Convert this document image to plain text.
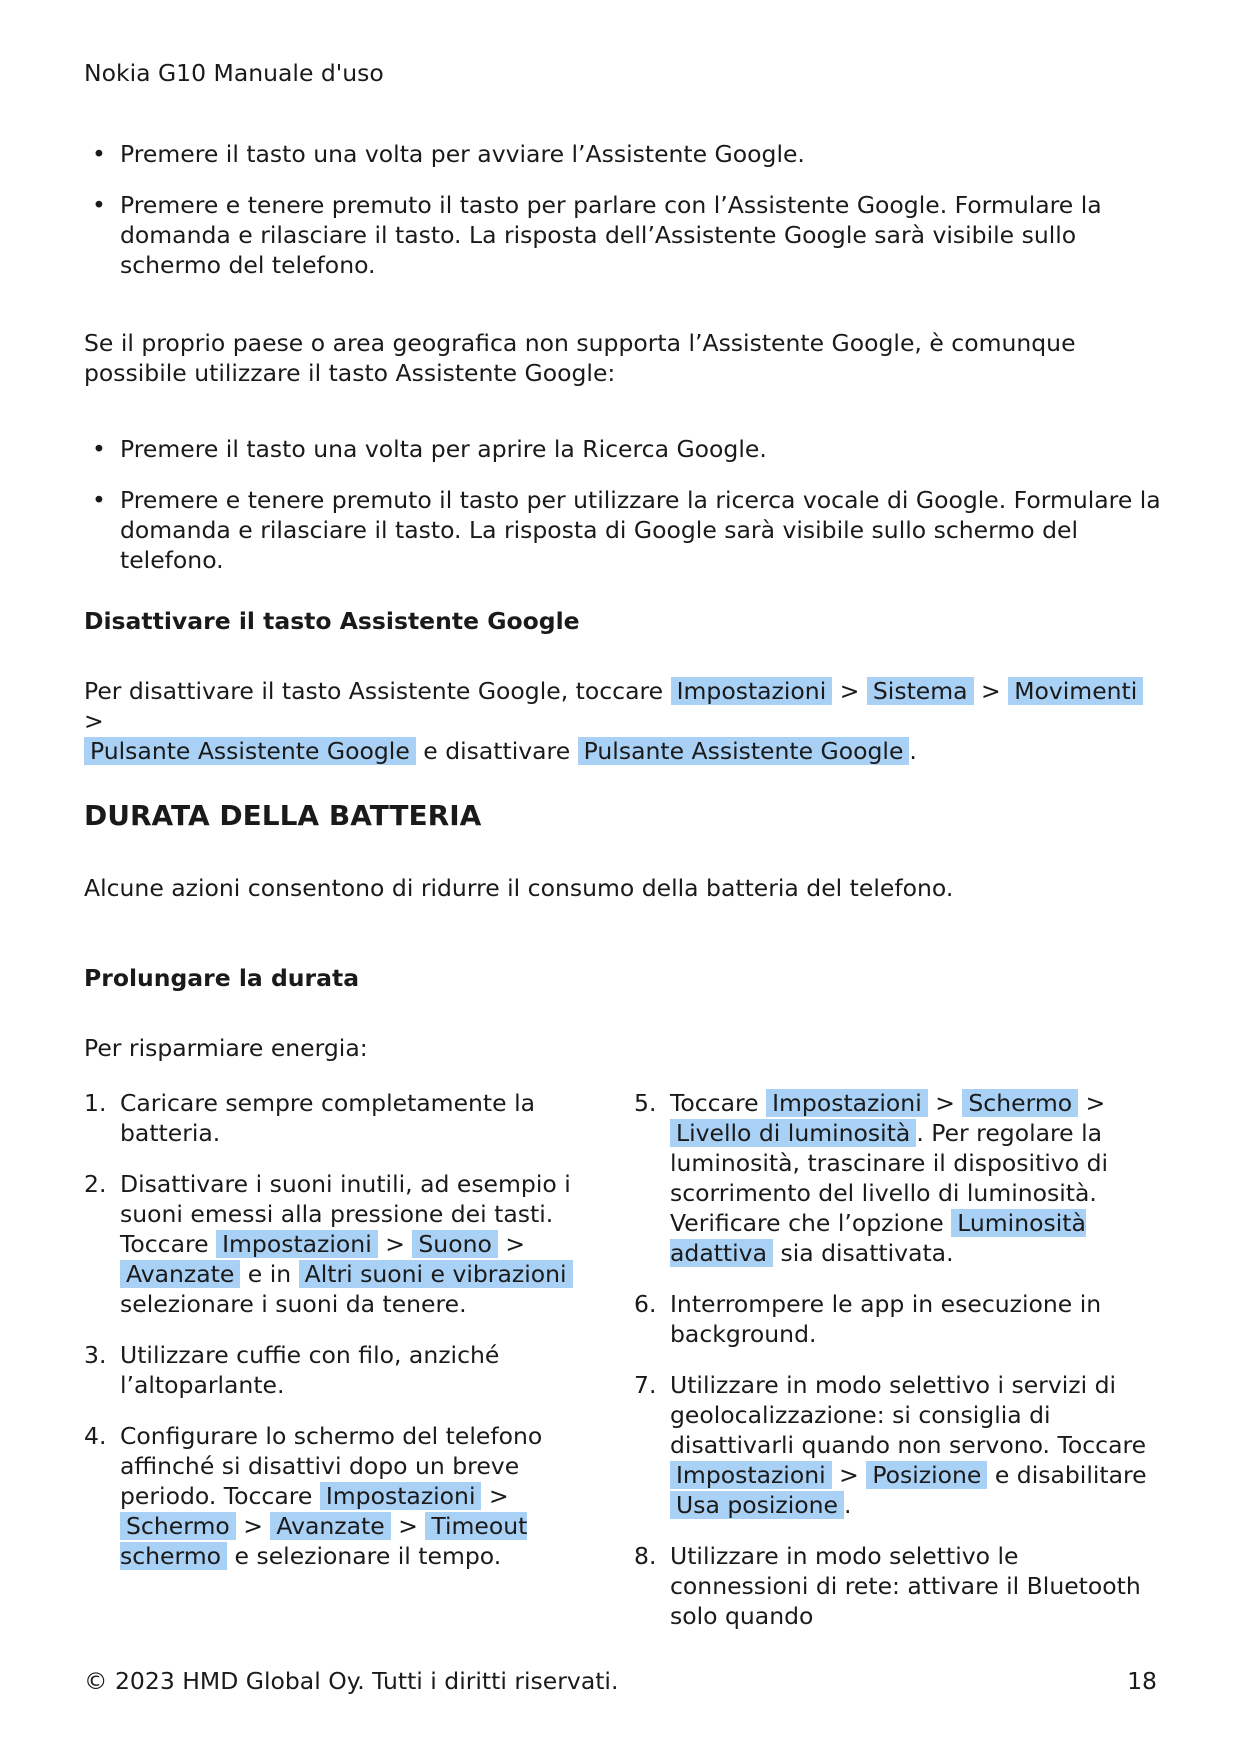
Nokia G10 Manuale d'uso
• Premere il tasto una volta per avviare l’Assistente Google.
• Premere e tenere premuto il tasto per parlare con l’Assistente Google. Formulare la domanda e rilasciare il tasto. La risposta dell’Assistente Google sarà visibile sullo schermo del telefono.

Se il proprio paese o area geografica non supporta l’Assistente Google, è comunque possibile utilizzare il tasto Assistente Google:

• Premere il tasto una volta per aprire la Ricerca Google.
• Premere e tenere premuto il tasto per utilizzare la ricerca vocale di Google. Formulare la domanda e rilasciare il tasto. La risposta di Google sarà visibile sullo schermo del telefono.
Disattivare il tasto Assistente Google

Per disattivare il tasto Assistente Google, toccare Impostazioni > Sistema > Movimenti >
Pulsante Assistente Google e disattivare Pulsante Assistente Google .

DURATA DELLA BATTERIA

Alcune azioni consentono di ridurre il consumo della batteria del telefono.

Prolungare la durata

Per risparmiare energia:

1. Caricare sempre completamente la batteria.
2. Disattivare i suoni inutili, ad esempio i suoni emessi alla pressione dei tasti. Toccare Impostazioni > Suono > Avanzate e in Altri suoni e vibrazioni selezionare i suoni da tenere.
3. Utilizzare cuffie con filo, anziché l’altoparlante.
4. Configurare lo schermo del telefono affinché si disattivi dopo un breve periodo. Toccare Impostazioni > Schermo > Avanzate > Timeout schermo e selezionare il tempo.
5. Toccare Impostazioni > Schermo > Livello di luminosità . Per regolare la luminosità, trascinare il dispositivo di scorrimento del livello di luminosità. Verificare che l’opzione Luminosità adattiva sia disattivata.
6. Interrompere le app in esecuzione in background.
7. Utilizzare in modo selettivo i servizi di geolocalizzazione: si consiglia di disattivarli quando non servono. Toccare Impostazioni > Posizione e disabilitare Usa posizione .
8. Utilizzare in modo selettivo le connessioni di rete: attivare il Bluetooth solo quando
© 2023 HMD Global Oy. Tutti i diritti riservati.	18
